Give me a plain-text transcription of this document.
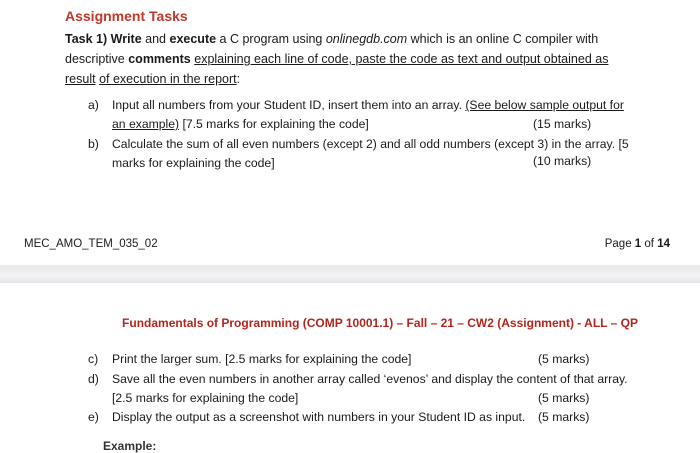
Assignment Tasks
Task 1) Write and execute a C program using onlinegdb.com which is an online C compiler with descriptive comments explaining each line of code, paste the code as text and output obtained as result of execution in the report:
a) Input all numbers from your Student ID, insert them into an array. (See below sample output for
an example) [7.5 marks for explaining the code]	(15 marks)
b) Calculate the sum of all even numbers (except 2) and all odd numbers (except 3) in the array. [5
marks for explaining the code]	(10 marks)
MEC_AMO_TEM_035_02	Page 1 of 14
Fundamentals of Programming (COMP 10001.1) – Fall – 21 – CW2 (Assignment) - ALL – QP
c) Print the larger sum. [2.5 marks for explaining the code]	(5 marks)
d) Save all the even numbers in another array called ‘evenos’ and display the content of that array.
[2.5 marks for explaining the code]	(5 marks)
e) Display the output as a screenshot with numbers in your Student ID as input.	(5 marks)
Example:
